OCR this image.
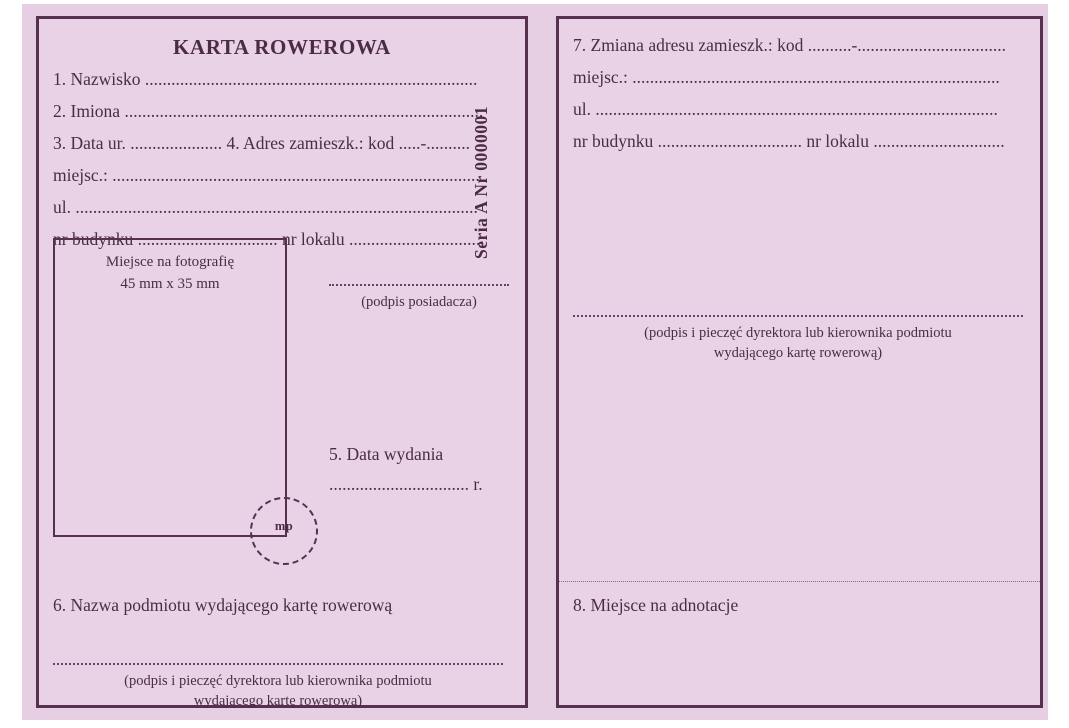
KARTA ROWEROWA
1. Nazwisko ............................................................................
2. Imiona ..................................................................................
3. Data ur. ..................... 4. Adres zamieszk.: kod .....-..........
miejsc.: ....................................................................................
ul. ............................................................................................
nr budynku ................................ nr lokalu ...............................
Miejsce na fotografię
45 mm x 35 mm
mp
(podpis posiadacza)
5. Data wydania
................................ r.
Seria A Nr 0000001
6. Nazwa podmiotu wydającego kartę rowerową
(podpis i pieczęć dyrektora lub kierownika podmiotu
wydającego kartę rowerową)
7. Zmiana adresu zamieszk.: kod ..........-..................................
miejsc.: ....................................................................................
ul. ............................................................................................
nr budynku ................................. nr lokalu ..............................
(podpis i pieczęć dyrektora lub kierownika podmiotu
wydającego kartę rowerową)
8. Miejsce na adnotacje
